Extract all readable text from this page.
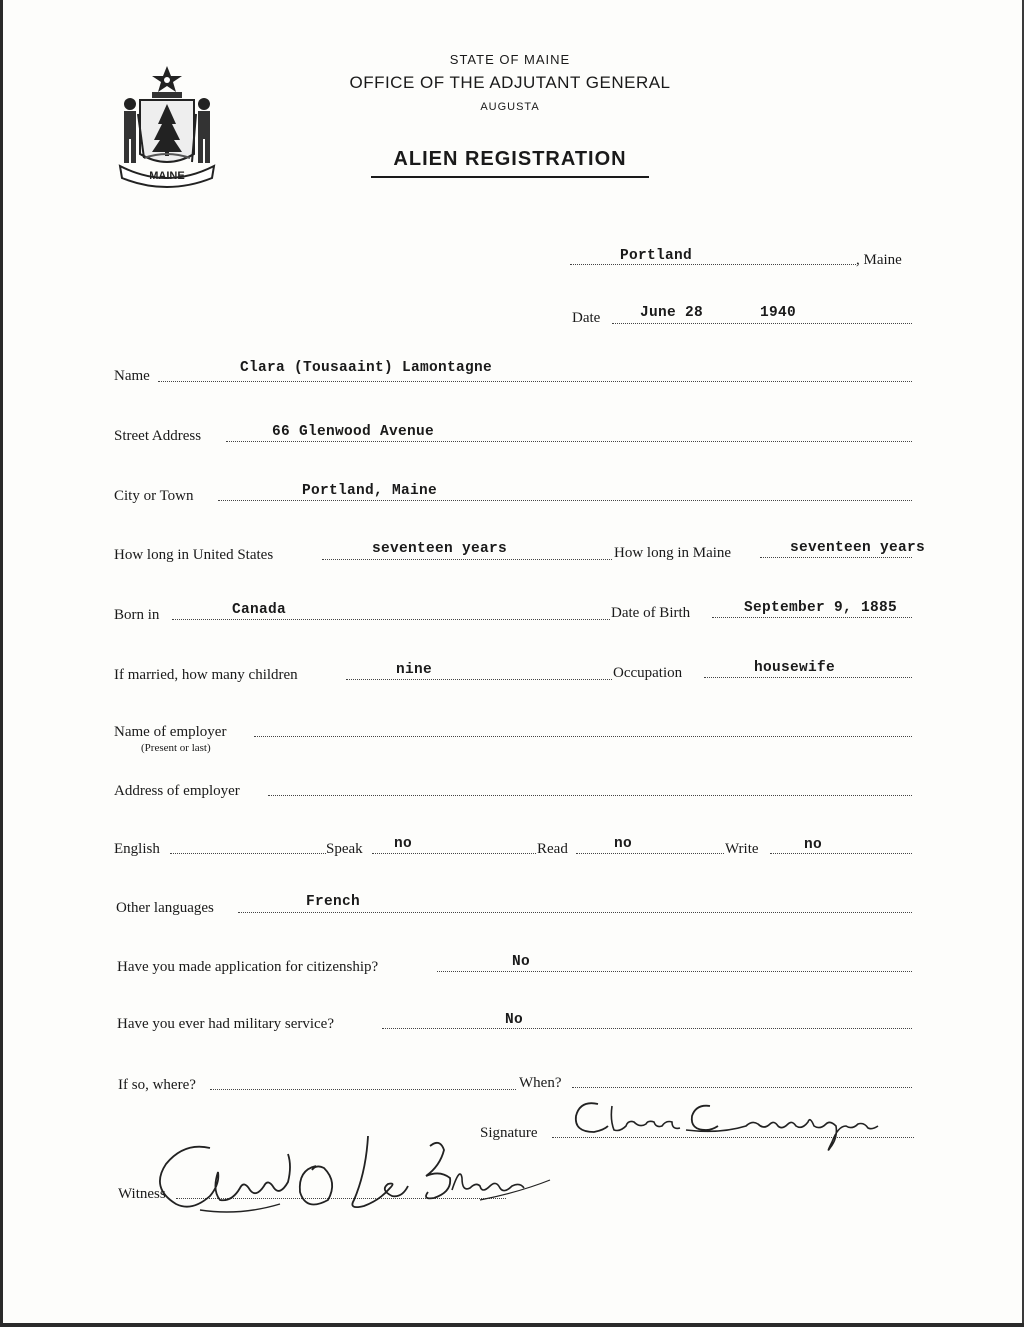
MAINE
STATE OF MAINE
OFFICE OF THE ADJUTANT GENERAL
AUGUSTA
ALIEN REGISTRATION
Portland	, Maine
Date	June 28	1940
Name	Clara (Tousaaint) Lamontagne
Street Address	66 Glenwood Avenue
City or Town	Portland, Maine
How long in United States	seventeen years	How long in Maine	seventeen years
Born in	Canada	Date of Birth	September 9, 1885
If married, how many children	nine	Occupation	housewife
Name of employer
(Present or last)
Address of employer
English	Speak no	Read	no	Write	no
Other languages	French
Have you made application for citizenship?	No
Have you ever had military service?	No
If so, where?	When?
Signature
Witness
